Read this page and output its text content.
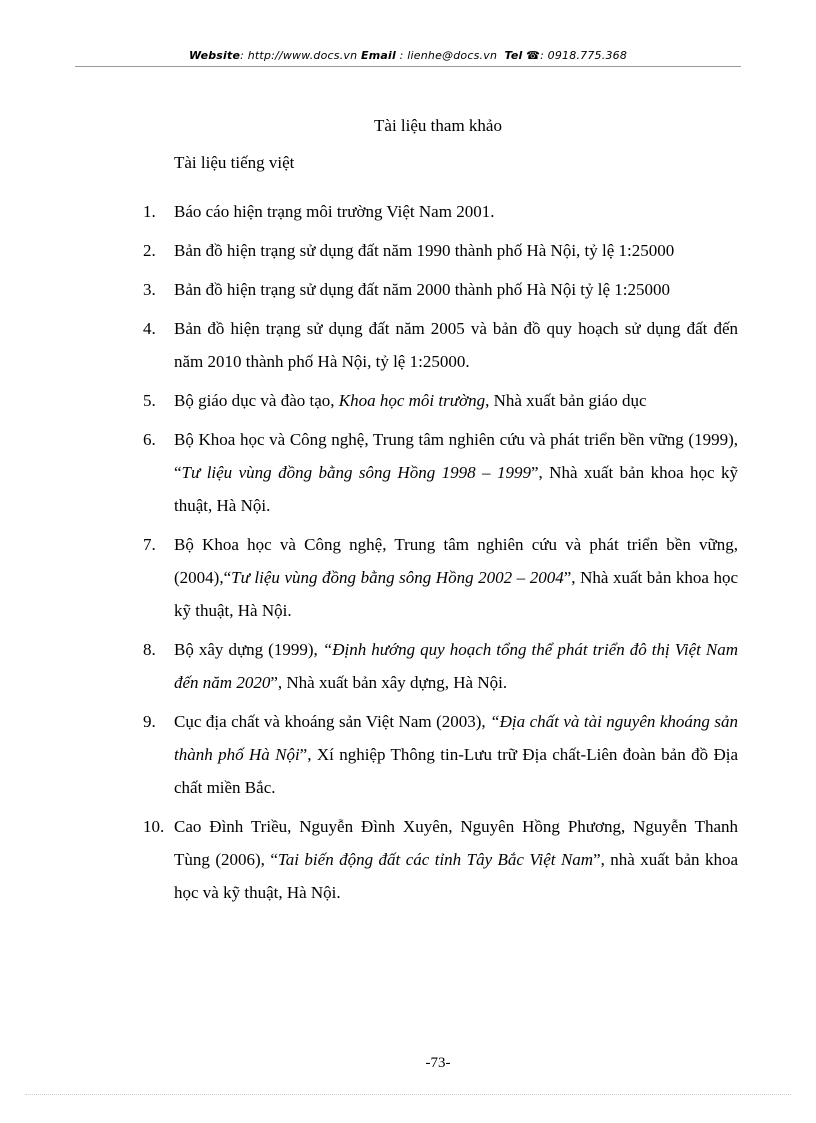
Website: http://www.docs.vn Email : lienhe@docs.vn Tel ☎: 0918.775.368
Tài liệu tham khảo
Tài liệu tiếng việt
1. Báo cáo hiện trạng môi trường Việt Nam 2001.
2. Bản đồ hiện trạng sử dụng đất năm 1990 thành phố Hà Nội, tỷ lệ 1:25000
3. Bản đồ hiện trạng sử dụng đất năm 2000 thành phố Hà Nội tỷ lệ 1:25000
4. Bản đồ hiện trạng sử dụng đất năm 2005 và bản đồ quy hoạch sử dụng đất đến năm 2010 thành phố Hà Nội, tỷ lệ 1:25000.
5. Bộ giáo dục và đào tạo, Khoa học môi trường, Nhà xuất bản giáo dục
6. Bộ Khoa học và Công nghệ, Trung tâm nghiên cứu và phát triển bền vững (1999), “Tư liệu vùng đồng bằng sông Hồng 1998 – 1999”, Nhà xuất bản khoa học kỹ thuật, Hà Nội.
7. Bộ Khoa học và Công nghệ, Trung tâm nghiên cứu và phát triển bền vững, (2004),“Tư liệu vùng đồng bằng sông Hồng 2002 – 2004”, Nhà xuất bản khoa học kỹ thuật, Hà Nội.
8. Bộ xây dựng (1999), “Định hướng quy hoạch tổng thể phát triển đô thị Việt Nam đến năm 2020”, Nhà xuất bản xây dựng, Hà Nội.
9. Cục địa chất và khoáng sản Việt Nam (2003), “Địa chất và tài nguyên khoáng sản thành phố Hà Nội”, Xí nghiệp Thông tin-Lưu trữ Địa chất-Liên đoàn bản đồ Địa chất miền Bắc.
10. Cao Đình Triều, Nguyễn Đình Xuyên, Nguyên Hồng Phương, Nguyễn Thanh Tùng (2006), “Tai biến động đất các tỉnh Tây Bắc Việt Nam”, nhà xuất bản khoa học và kỹ thuật, Hà Nội.
-73-
